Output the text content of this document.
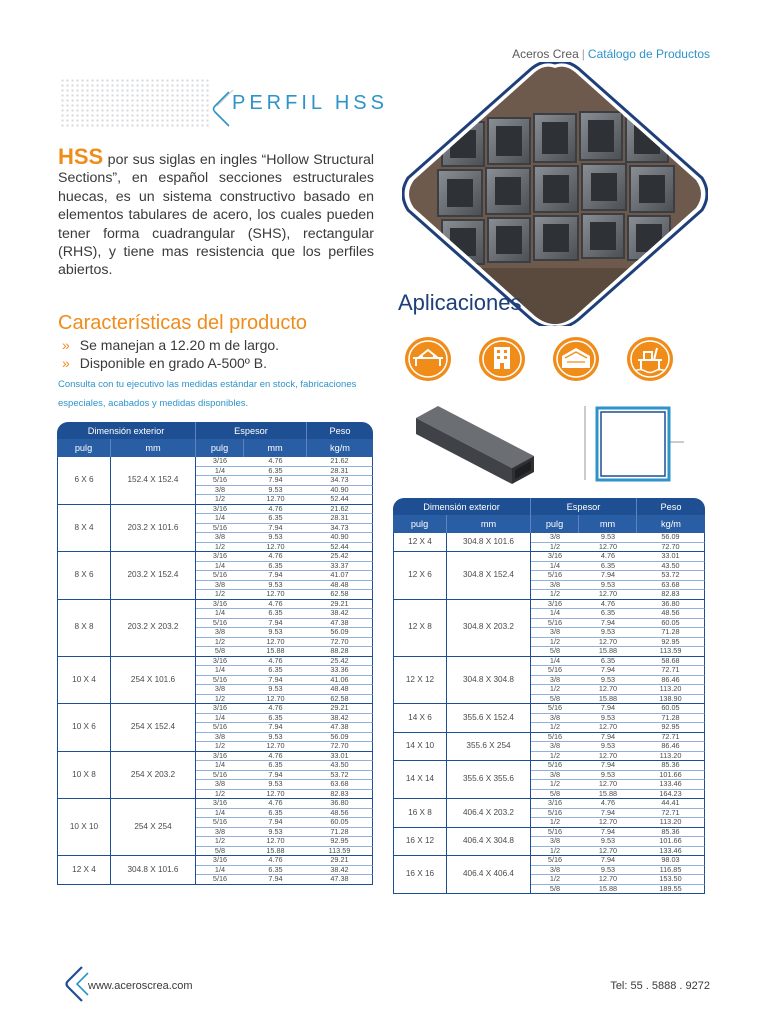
Aceros Crea | Catálogo de Productos
PERFIL HSS

HSS por sus siglas en ingles “Hollow Structural Sections”, en español secciones estructurales huecas, es un sistema constructivo basado en elementos tabulares de acero, los cuales pueden tener forma cuadrangular (SHS), rectangular (RHS), y tiene mas resistencia que los perfiles abiertos.

Aplicaciones
Características del producto
» Se manejan a 12.20 m de largo.
» Disponible en grado A-500º B.

Consulta con tu ejecutivo las medidas estándar en stock, fabricaciones especiales, acabados y medidas disponibles.

Dimensión exterior		Espesor		Peso
pulg	mm	pulg	mm	kg/m
6 X 6	152.4 X 152.4	3/16	4.76	21.62
		1/4	6.35	28.31
		5/16	7.94	34.73
		3/8	9.53	40.90
		1/2	12.70	52.44
8 X 4	203.2 X 101.6	3/16	4.76	21.62
		1/4	6.35	28.31
		5/16	7.94	34.73
		3/8	9.53	40.90
		1/2	12.70	52.44
8 X 6	203.2 X 152.4	3/16	4.76	25.42
		1/4	6.35	33.37
		5/16	7.94	41.07
		3/8	9.53	48.48
		1/2	12.70	62.58
8 X 8	203.2 X 203.2	3/16	4.76	29.21
		1/4	6.35	38.42
		5/16	7.94	47.38
		3/8	9.53	56.09
		1/2	12.70	72.70
		5/8	15.88	88.28
10 X 4	254 X 101.6	3/16	4.76	25.42
		1/4	6.35	33.36
		5/16	7.94	41.06
		3/8	9.53	48.48
		1/2	12.70	62.58
10 X 6	254 X 152.4	3/16	4.76	29.21
		1/4	6.35	38.42
		5/16	7.94	47.38
		3/8	9.53	56.09
		1/2	12.70	72.70
10 X 8	254 X 203.2	3/16	4.76	33.01
		1/4	6.35	43.50
		5/16	7.94	53.72
		3/8	9.53	63.68
		1/2	12.70	82.83
10 X 10	254 X 254	3/16	4.76	36.80
		1/4	6.35	48.56
		5/16	7.94	60.05
		3/8	9.53	71.28
		1/2	12.70	92.95
		5/8	15.88	113.59
12 X 4	304.8 X 101.6	3/16	4.76	29.21
		1/4	6.35	38.42
		5/16	7.94	47.38
Dimensión exterior		Espesor		Peso
pulg	mm	pulg	mm	kg/m
12 X 4	304.8 X 101.6	3/8	9.53	56.09
		1/2	12.70	72.70
12 X 6	304.8 X 152.4	3/16	4.76	33.01
		1/4	6.35	43.50
		5/16	7.94	53.72
		3/8	9.53	63.68
		1/2	12.70	82.83
12 X 8	304.8 X 203.2	3/16	4.76	36.80
		1/4	6.35	48.56
		5/16	7.94	60.05
		3/8	9.53	71.28
		1/2	12.70	92.95
		5/8	15.88	113.59
12 X 12	304.8 X 304.8	1/4	6.35	58.68
		5/16	7.94	72.71
		3/8	9.53	86.46
		1/2	12.70	113.20
		5/8	15.88	138.90
14 X 6	355.6 X 152.4	5/16	7.94	60.05
		3/8	9.53	71.28
		1/2	12.70	92.95
14 X 10	355.6 X 254	5/16	7.94	72.71
		3/8	9.53	86.46
		1/2	12.70	113.20
14 X 14	355.6 X 355.6	5/16	7.94	85.36
		3/8	9.53	101.66
		1/2	12.70	133.46
		5/8	15.88	164.23
16 X 8	406.4 X 203.2	3/16	4.76	44.41
		5/16	7.94	72.71
		1/2	12.70	113.20
16 X 12	406.4 X 304.8	5/16	7.94	85.36
		3/8	9.53	101.66
		1/2	12.70	133.46
16 X 16	406.4 X 406.4	5/16	7.94	98.03
		3/8	9.53	116.85
		1/2	12.70	153.50
		5/8	15.88	189.55
www.aceroscrea.com	Tel: 55 . 5888 . 9272
